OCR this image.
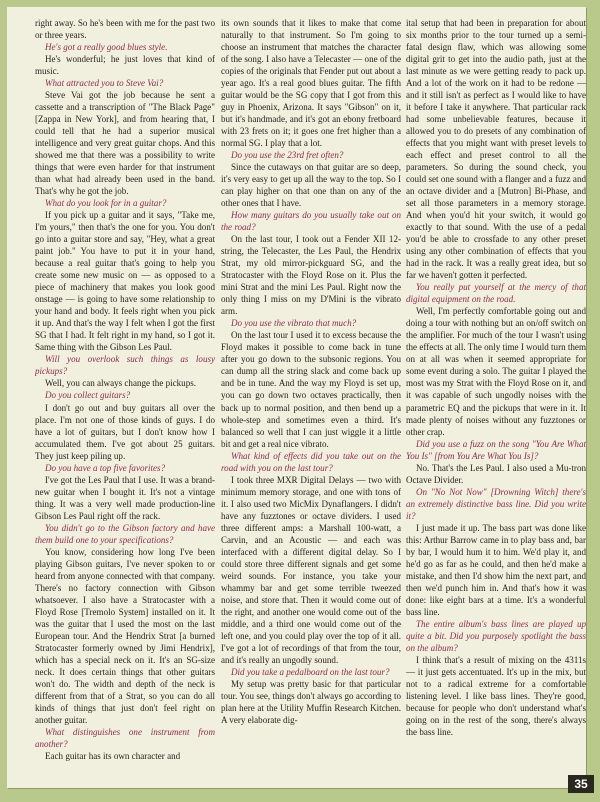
right away. So he's been with me for the past two or three years.

He's got a really good blues style.

He's wonderful; he just loves that kind of music.

What attracted you to Steve Vai?

Steve Vai got the job because he sent a cassette and a transcription of "The Black Page" [Zappa in New York], and from hearing that, I could tell that he had a superior musical intelligence and very great guitar chops. And this showed me that there was a possibility to write things that were even harder for that instrument than what had already been used in the band. That's why he got the job.

What do you look for in a guitar?

If you pick up a guitar and it says, "Take me, I'm yours," then that's the one for you. You don't go into a guitar store and say, "Hey, what a great paint job." You have to put it in your hand, because a real guitar that's going to help you create some new music on — as opposed to a piece of machinery that makes you look good onstage — is going to have some relationship to your hand and body. It feels right when you pick it up. And that's the way I felt when I got the first SG that I had. It felt right in my hand, so I got it. Same thing with the Gibson Les Paul.

Will you overlook such things as lousy pickups?

Well, you can always change the pickups.

Do you collect guitars?

I don't go out and buy guitars all over the place. I'm not one of those kinds of guys. I do have a lot of guitars, but I don't know how I accumulated them. I've got about 25 guitars. They just keep piling up.

Do you have a top five favorites?

I've got the Les Paul that I use. It was a brand-new guitar when I bought it. It's not a vintage thing. It was a very well made production-line Gibson Les Paul right off the rack.

You didn't go to the Gibson factory and have them build one to your specifications?

You know, considering how long I've been playing Gibson guitars, I've never spoken to or heard from anyone connected with that company. There's no factory connection with Gibson whatsoever. I also have a Stratocaster with a Floyd Rose [Tremolo System] installed on it. It was the guitar that I used the most on the last European tour. And the Hendrix Strat [a burned Stratocaster formerly owned by Jimi Hendrix], which has a special neck on it. It's an SG-size neck. It does certain things that other guitars won't do. The width and depth of the neck is different from that of a Strat, so you can do all kinds of things that just don't feel right on another guitar.

What distinguishes one instrument from another?

Each guitar has its own character and

its own sounds that it likes to make that come naturally to that instrument. So I'm going to choose an instrument that matches the character of the song. I also have a Telecaster — one of the copies of the originals that Fender put out about a year ago. It's a real good blues guitar. The fifth guitar would be the SG copy that I got from this guy in Phoenix, Arizona. It says "Gibson" on it, but it's handmade, and it's got an ebony fretboard with 23 frets on it; it goes one fret higher than a normal SG. I play that a lot.

Do you use the 23rd fret often?

Since the cutaways on that guitar are so deep, it's very easy to get up all the way to the top. So I can play higher on that one than on any of the other ones that I have.

How many guitars do you usually take out on the road?

On the last tour, I took out a Fender XII 12-string, the Telecaster, the Les Paul, the Hendrix Strat, my old mirror-pickguard SG, and the Stratocaster with the Floyd Rose on it. Plus the mini Strat and the mini Les Paul. Right now the only thing I miss on my D'Mini is the vibrato arm.

Do you use the vibrato that much?

On the last tour I used it to excess because the Floyd makes it possible to come back in tune after you go down to the subsonic regions. You can dump all the string slack and come back up and be in tune. And the way my Floyd is set up, you can go down two octaves practically, then back up to normal position, and then bend up a whole-step and sometimes even a third. It's balanced so well that I can just wiggle it a little bit and get a real nice vibrato.

What kind of effects did you take out on the road with you on the last tour?

I took three MXR Digital Delays — two with minimum memory storage, and one with tons of it. I also used two MicMix Dynaflangers. I didn't have any fuzztones or octave dividers. I used three different amps: a Marshall 100-watt, a Carvin, and an Acoustic — and each was interfaced with a different digital delay. So I could store three different signals and get some weird sounds. For instance, you take your whammy bar and get some terrible tweezed noise, and store that. Then it would come out of the right, and another one would come out of the middle, and a third one would come out of the left one, and you could play over the top of it all. I've got a lot of recordings of that from the tour, and it's really an ungodly sound.

Did you take a pedalboard on the last tour?

My setup was pretty basic for that particular tour. You see, things don't always go according to plan here at the Utility Muffin Research Kitchen. A very elaborate dig-

ital setup that had been in preparation for about six months prior to the tour turned up a semi-fatal design flaw, which was allowing some digital grit to get into the audio path, just at the last minute as we were getting ready to pack up. And a lot of the work on it had to be redone — and it still isn't as perfect as I would like to have it before I take it anywhere. That particular rack had some unbelievable features, because it allowed you to do presets of any combination of effects that you might want with preset levels to each effect and preset control to all the parameters. So during the sound check, you could set one sound with a flanger and a fuzz and an octave divider and a [Mutron] Bi-Phase, and set all those parameters in a memory storage. And when you'd hit your switch, it would go exactly to that sound. With the use of a pedal you'd be able to crossfade to any other preset using any other combination of effects that you had in the rack. It was a really great idea, but so far we haven't gotten it perfected.

You really put yourself at the mercy of that digital equipment on the road.

Well, I'm perfectly comfortable going out and doing a tour with nothing but an on/off switch on the amplifier. For much of the tour I wasn't using the effects at all. The only time I would turn them on at all was when it seemed appropriate for some event during a solo. The guitar I played the most was my Strat with the Floyd Rose on it, and it was capable of such ungodly noises with the parametric EQ and the pickups that were in it. It made plenty of noises without any fuzztones or other crap.

Did you use a fuzz on the song "You Are What You Is" [from You Are What You Is]?

No. That's the Les Paul. I also used a Mu-tron Octave Divider.

On "No Not Now" [Drowning Witch] there's an extremely distinctive bass line. Did you write it?

I just made it up. The bass part was done like this: Arthur Barrow came in to play bass and, bar by bar, I would hum it to him. We'd play it, and he'd go as far as he could, and then he'd make a mistake, and then I'd show him the next part, and then we'd punch him in. And that's how it was done: like eight bars at a time. It's a wonderful bass line.

The entire album's bass lines are played up quite a bit. Did you purposely spotlight the bass on the album?

I think that's a result of mixing on the 4311s — it just gets accentuated. It's up in the mix, but not to a radical extreme for a comfortable listening level. I like bass lines. They're good, because for people who don't understand what's going on in the rest of the song, there's always the bass line.

35
